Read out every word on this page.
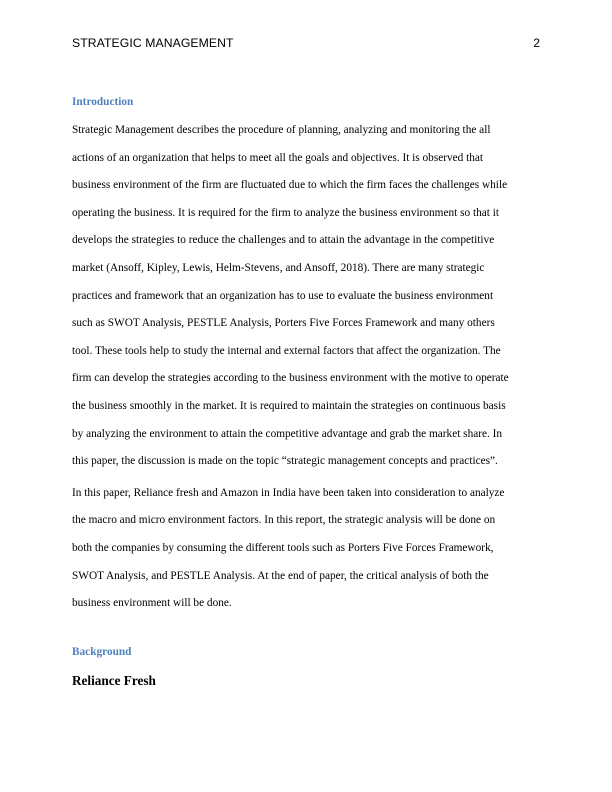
STRATEGIC MANAGEMENT	2
Introduction

Strategic Management describes the procedure of planning, analyzing and monitoring the all
actions of an organization that helps to meet all the goals and objectives. It is observed that
business environment of the firm are fluctuated due to which the firm faces the challenges while
operating the business. It is required for the firm to analyze the business environment so that it
develops the strategies to reduce the challenges and to attain the advantage in the competitive
market (Ansoff, Kipley, Lewis, Helm-Stevens, and Ansoff, 2018). There are many strategic
practices and framework that an organization has to use to evaluate the business environment
such as SWOT Analysis, PESTLE Analysis, Porters Five Forces Framework and many others
tool. These tools help to study the internal and external factors that affect the organization. The
firm can develop the strategies according to the business environment with the motive to operate
the business smoothly in the market. It is required to maintain the strategies on continuous basis
by analyzing the environment to attain the competitive advantage and grab the market share. In
this paper, the discussion is made on the topic “strategic management concepts and practices”.

In this paper, Reliance fresh and Amazon in India have been taken into consideration to analyze
the macro and micro environment factors. In this report, the strategic analysis will be done on
both the companies by consuming the different tools such as Porters Five Forces Framework,
SWOT Analysis, and PESTLE Analysis. At the end of paper, the critical analysis of both the
business environment will be done.

Background
Reliance Fresh
